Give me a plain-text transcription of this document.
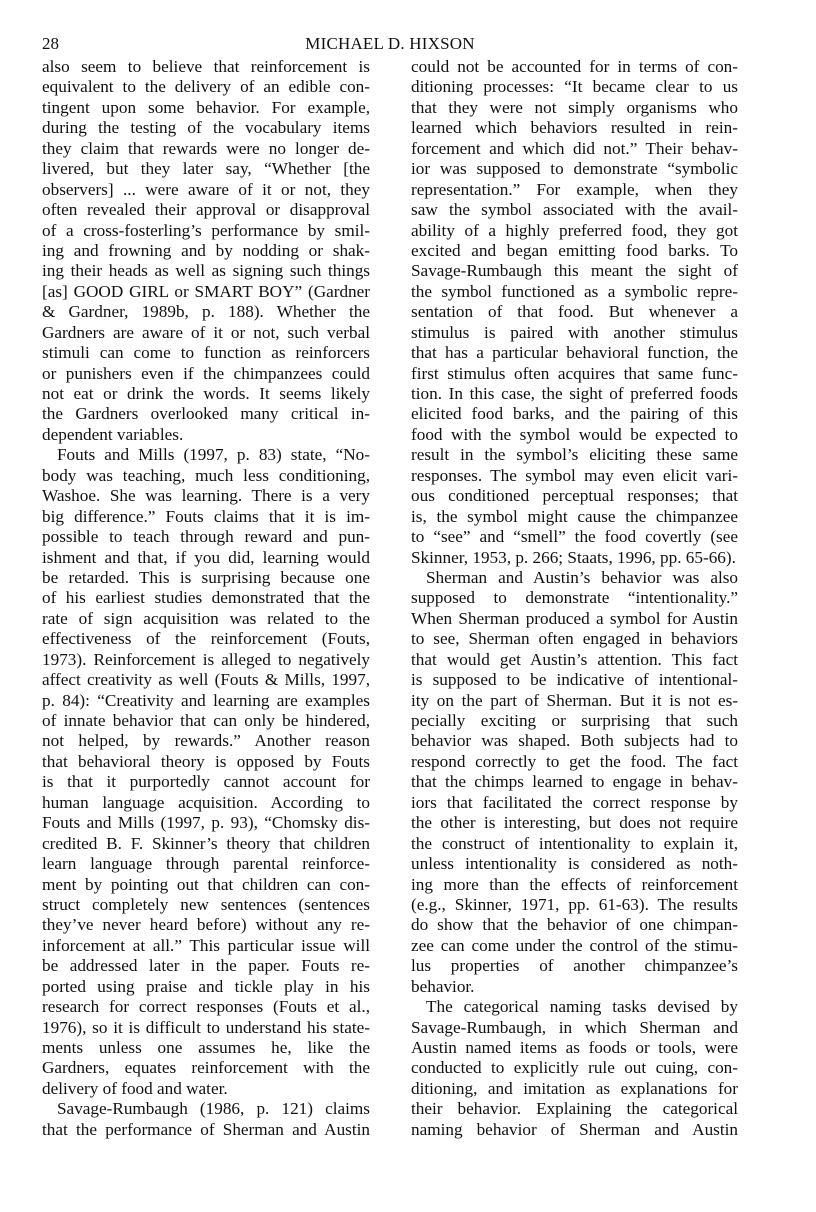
28	MICHAEL D. HIXSON
also seem to believe that reinforcement is
equivalent to the delivery of an edible con-
tingent upon some behavior. For example,
during the testing of the vocabulary items
they claim that rewards were no longer de-
livered, but they later say, “Whether [the
observers] ... were aware of it or not, they
often revealed their approval or disapproval
of a cross-fosterling’s performance by smil-
ing and frowning and by nodding or shak-
ing their heads as well as signing such things
[as] GOOD GIRL or SMART BOY” (Gardner
& Gardner, 1989b, p. 188). Whether the
Gardners are aware of it or not, such verbal
stimuli can come to function as reinforcers
or punishers even if the chimpanzees could
not eat or drink the words. It seems likely
the Gardners overlooked many critical in-
dependent variables.
Fouts and Mills (1997, p. 83) state, “No-
body was teaching, much less conditioning,
Washoe. She was learning. There is a very
big difference.” Fouts claims that it is im-
possible to teach through reward and pun-
ishment and that, if you did, learning would
be retarded. This is surprising because one
of his earliest studies demonstrated that the
rate of sign acquisition was related to the
effectiveness of the reinforcement (Fouts,
1973). Reinforcement is alleged to negatively
affect creativity as well (Fouts & Mills, 1997,
p. 84): “Creativity and learning are examples
of innate behavior that can only be hindered,
not helped, by rewards.” Another reason
that behavioral theory is opposed by Fouts
is that it purportedly cannot account for
human language acquisition. According to
Fouts and Mills (1997, p. 93), “Chomsky dis-
credited B. F. Skinner’s theory that children
learn language through parental reinforce-
ment by pointing out that children can con-
struct completely new sentences (sentences
they’ve never heard before) without any re-
inforcement at all.” This particular issue will
be addressed later in the paper. Fouts re-
ported using praise and tickle play in his
research for correct responses (Fouts et al.,
1976), so it is difficult to understand his state-
ments unless one assumes he, like the
Gardners, equates reinforcement with the
delivery of food and water.
Savage-Rumbaugh (1986, p. 121) claims
that the performance of Sherman and Austin
could not be accounted for in terms of con-
ditioning processes: “It became clear to us
that they were not simply organisms who
learned which behaviors resulted in rein-
forcement and which did not.” Their behav-
ior was supposed to demonstrate “symbolic
representation.” For example, when they
saw the symbol associated with the avail-
ability of a highly preferred food, they got
excited and began emitting food barks. To
Savage-Rumbaugh this meant the sight of
the symbol functioned as a symbolic repre-
sentation of that food. But whenever a
stimulus is paired with another stimulus
that has a particular behavioral function, the
first stimulus often acquires that same func-
tion. In this case, the sight of preferred foods
elicited food barks, and the pairing of this
food with the symbol would be expected to
result in the symbol’s eliciting these same
responses. The symbol may even elicit vari-
ous conditioned perceptual responses; that
is, the symbol might cause the chimpanzee
to “see” and “smell” the food covertly (see
Skinner, 1953, p. 266; Staats, 1996, pp. 65-66).
Sherman and Austin’s behavior was also
supposed to demonstrate “intentionality.”
When Sherman produced a symbol for Austin
to see, Sherman often engaged in behaviors
that would get Austin’s attention. This fact
is supposed to be indicative of intentional-
ity on the part of Sherman. But it is not es-
pecially exciting or surprising that such
behavior was shaped. Both subjects had to
respond correctly to get the food. The fact
that the chimps learned to engage in behav-
iors that facilitated the correct response by
the other is interesting, but does not require
the construct of intentionality to explain it,
unless intentionality is considered as noth-
ing more than the effects of reinforcement
(e.g., Skinner, 1971, pp. 61-63). The results
do show that the behavior of one chimpan-
zee can come under the control of the stimu-
lus properties of another chimpanzee’s
behavior.
The categorical naming tasks devised by
Savage-Rumbaugh, in which Sherman and
Austin named items as foods or tools, were
conducted to explicitly rule out cuing, con-
ditioning, and imitation as explanations for
their behavior. Explaining the categorical
naming behavior of Sherman and Austin
